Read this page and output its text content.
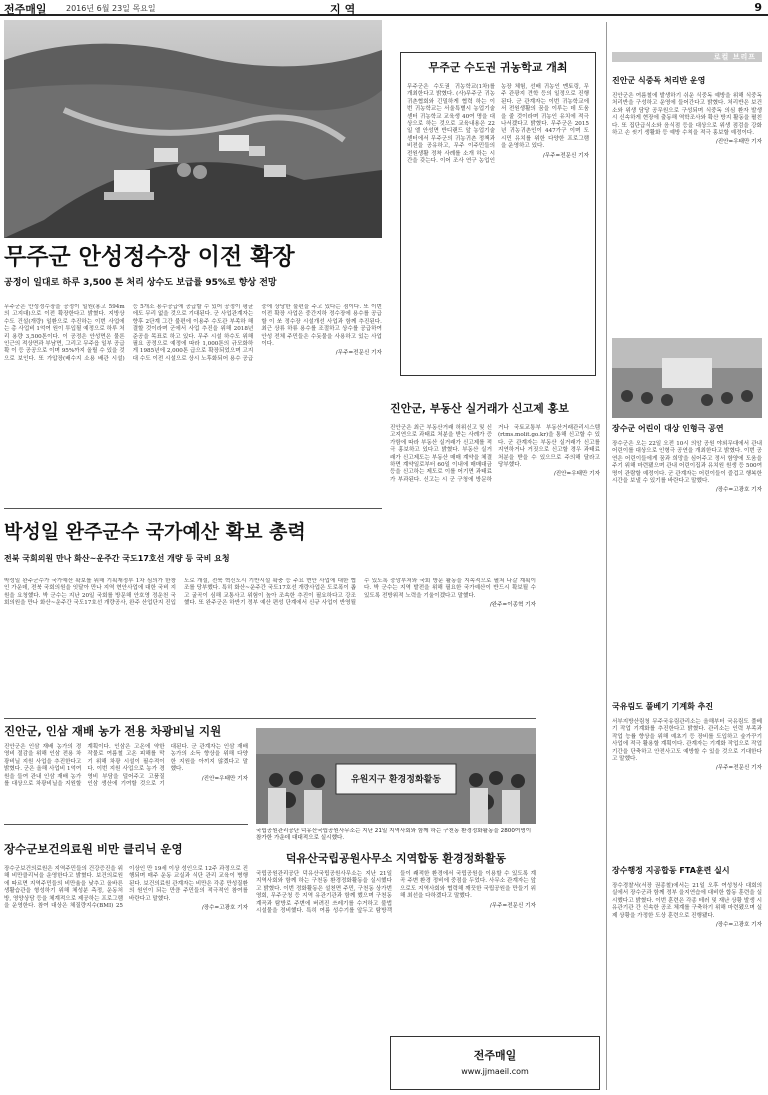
전주매일 2016년 6월 23일 목요일	지역	9
무주군 안성정수장 이전 확장
공정이 일대로 하루 3,500 톤 처리 상수도 보급률 95%로 향상 전망
무주군은 안성정수장을 공정이 일원(용고 594m의 고지대)으로 이전 확장한다고 밝혔다. 지방상수도 건설(개량) 일환으로 추진하는 이번 사업에는 총 사업비 1억여 원이 투입될 예정으로 하루 처리 용량 3,500톤이다. 이 공정은 안성면은 물론 인근의 적상면과 부남면, 그리고 무주읍 일부 공급 확 이 등 공공으로 이며 95%까지 올릴 수 있을 것으로 보인다. 또 가압장(배수지 소용 배관 시설) 등 5개소 용수공급에 공급할 수 있어 공정이 평균에도 무리 없을 것으로 기대된다. 군 사업관계자는 향후 2단계 그간 불편에 이용주 수도관 부족하 해결할 것이라며 군에서 사업 추진을 위해 2018년 준공을 목표로 하고 있다. 무주 시설 하수도 위해 필요 공정으로 예정에 따라 1,000톤의 규모화하게 1985년에 2,000톤 급으로 확장되었으며 고지대 수도 이전 시설으로 상시 노후화되어 용수 공급 중에 상당한 불편을 주고 있다는 점이다. 또 이번 이전 확장 사업은 중간지하 정수장에 용수를 공급할 이 쏘 정수장 시설개선 사업과 함께 추진된다. 최근 상류 하류 용수를 조절하고 상수를 공급하여 안성 전체 주민들은 수돗물을 사용하고 있는 사업이다.
/무주=전문신 기자
박성일 완주군수 국가예산 확보 총력
전북 국회의원 만나 화산~운주간 국도17호선 개량 등 국비 요청
박성일 완주군수가 국가예산 확보를 위해 기획재정부 1차 심의가 한창인 가운데, 전북 국회의원을 잇달아 만나 지역 현안사업에 대한 국비 지원을 요청했다. 박 군수는 지난 20일 국회를 방문해 안호영 정운천 국회의원을 만나 화산~운주간 국도17호선 개량공사, 완주 산업단지 진입도로 개설, 전북 혁신도시 기반시설 확충 등 주요 현안 사업에 대한 협조를 당부했다. 특히 화산~운주간 국도17호선 개량사업은 도로폭이 좁고 굴곡이 심해 교통사고 위험이 높아 조속한 추진이 필요하다고 강조했다. 또 완주군은 하반기 정부 예산 편성 단계에서 신규 사업이 반영될 수 있도록 중앙부처와 국회 방문 활동을 지속적으로 펼쳐 나갈 계획이다. 박 군수는 지역 발전을 위해 필요한 국가예산이 반드시 확보될 수 있도록 전방위적 노력을 기울이겠다고 말했다.
/완주=이종혁 기자
진안군, 인삼 재배 농가 전용 차광비닐 지원
진안군은 인삼 재배 농가의 경영비 절감을 위해 인삼 전용 차광비닐 지원 사업을 추진한다고 밝혔다. 군은 올해 사업비 1억여 원을 들여 관내 인삼 재배 농가를 대상으로 차광비닐을 지원할 계획이다. 인삼은 고온에 약한 작물로 여름철 고온 피해를 막기 위해 차광 시설이 필수적이다. 이번 지원 사업으로 농가 경영비 부담을 덜어주고 고품질 인삼 생산에 기여할 것으로 기대된다. 군 관계자는 인삼 재배 농가의 소득 향상을 위해 다양한 지원을 아끼지 않겠다고 말했다.
/진안=우태만 기자	유원지구 환경정화활동
국립공원관리공단 덕유산국립공원사무소는 지난 21일 지역사회와 함께 하는 구천동 환경정화활동을 2800여명이 참가한 가운데 대대적으로 실시했다.
덕유산국립공원사무소 지역합동 환경정화활동
국립공원관리공단 덕유산국립공원사무소는 지난 21일 지역사회와 함께 하는 구천동 환경정화활동을 실시했다고 밝혔다. 이번 정화활동은 설천면 주민, 구천동 상가번영회, 무주군청 등 지역 유관기관과 함께 했으며 구천동 계곡과 탐방로 주변에 버려진 쓰레기를 수거하고 불법 시설물을 정비했다. 특히 여름 성수기를 앞두고 탐방객들이 쾌적한 환경에서 국립공원을 이용할 수 있도록 계곡 주변 환경 정비에 중점을 두었다. 사무소 관계자는 앞으로도 지역사회와 협력해 깨끗한 국립공원을 만들기 위해 최선을 다하겠다고 말했다.
/무주=전문신 기자
장수군보건의료원 비만 클리닉 운영
장수군보건의료원은 지역주민들의 건강증진을 위해 비만클리닉을 운영한다고 밝혔다. 보건의료원에 따르면 지역주민들의 비만율을 낮추고 올바른 생활습관을 형성하기 위해 체성분 측정, 운동처방, 영양상담 등을 체계적으로 제공하는 프로그램을 운영한다. 참여 대상은 체질량지수(BMI) 25 이상인 만 19세 이상 성인으로 12주 과정으로 진행되며 매주 운동 교실과 식단 관리 교육이 병행된다. 보건의료원 관계자는 비만은 각종 만성질환의 원인이 되는 만큼 주민들의 적극적인 참여를 바란다고 말했다.
/장수=고광호 기자
무주군 수도권 귀농학교 개최
무주군은 수도권 귀농학교(1차)를 개최한다고 밝혔다. (사)무주군 귀농귀촌협회와 긴밀하게 협력 하는 이번 귀농학교는 서울특별시 농업기술센터 귀농학교 교육생 40여 명을 대상으로 하는 것으로 교육내용은 22일 엘 안성면 반디랜드 앞 농업기술센터에서 무주군의 귀농귀촌 정책과 비전을 공유하고, 무주 이주민들의 전원생활 정착 사례를 소개 하는 시간을 갖는다. 이어 조사 연구 농업인 농장 체험, 선배 귀농인 멘토링, 무주 관광지 견학 등의 일정으로 진행된다. 군 관계자는 이번 귀농학교에서 전원생활의 꿈을 이루는 데 도움을 줄 것이라며 귀농인 유치에 적극 나서겠다고 밝혔다. 무주군은 2015년 귀농귀촌인이 447가구 이며 도시민 유치를 위한 다양한 프로그램을 운영하고 있다.
/무주=전문신 기자
진안군, 부동산 실거래가 신고제 홍보
진안군은 최근 부동산거래 허위신고 및 신고지연으로 과태료 처분을 받는 사례가 증가함에 따라 부동산 실거래가 신고제를 적극 홍보하고 있다고 밝혔다. 부동산 실거래가 신고제도는 부동산 매매 계약을 체결하면 계약일로부터 60일 이내에 매매대금 등을 신고하는 제도로 이를 어기면 과태료가 부과된다. 신고는 시 군 구청에 방문하거나 국토교통부 부동산거래관리시스템(rtms.molit.go.kr)을 통해 신고할 수 있다. 군 관계자는 부동산 실거래가 신고를 지연하거나 거짓으로 신고할 경우 과태료 처분을 받을 수 있으므로 주의해 달라고 당부했다.
/진안=우태만 기자
로컬 브리프
진안군 식중독 처리반 운영
진안군은 여름철에 발생하기 쉬운 식중독 예방을 위해 식중독 처리반을 구성하고 운영에 들어간다고 밝혔다. 처리반은 보건소와 위생 담당 공무원으로 구성되며 식중독 의심 환자 발생 시 신속하게 현장에 출동해 역학조사와 확산 방지 활동을 펼친다. 또 집단급식소와 음식점 등을 대상으로 위생 점검을 강화하고 손 씻기 생활화 등 예방 수칙을 적극 홍보할 예정이다.
/진안=우태만 기자
장수군 어린이 대상 인형극 공연
장수군은 오는 22일 오전 10시 의암 공원 야외무대에서 관내 어린이를 대상으로 인형극 공연을 개최한다고 밝혔다. 이번 공연은 어린이들에게 꿈과 희망을 심어주고 정서 함양에 도움을 주기 위해 마련됐으며 관내 어린이집과 유치원 원생 등 500여 명이 관람할 예정이다. 군 관계자는 어린이들이 즐겁고 행복한 시간을 보낼 수 있기를 바란다고 말했다.
/장수=고광호 기자
국유림도 풀베기 기계화 추진
서부지방산림청 무주국유림관리소는 올해부터 국유림도 풀베기 작업 기계화를 추진한다고 밝혔다. 관리소는 인력 부족과 작업 능률 향상을 위해 예초기 등 장비를 도입하고 숲가꾸기 사업에 적극 활용할 계획이다. 관계자는 기계화 작업으로 작업 기간을 단축하고 안전사고도 예방할 수 있을 것으로 기대한다고 말했다.
/무주=전문신 기자
장수행정 지공합동 FTA훈련 실시
장수경찰서(서장 권종철)에서는 21일 오후 여성청사 대회의실에서 장수군과 함께 정부 을지연습에 대비한 합동 훈련을 실시했다고 밝혔다. 이번 훈련은 각종 테러 및 재난 상황 발생 시 유관기관 간 신속한 공조 체계를 구축하기 위해 마련됐으며 실제 상황을 가정한 도상 훈련으로 진행됐다.
/장수=고광호 기자
전주매일
www.jjmaeil.com
